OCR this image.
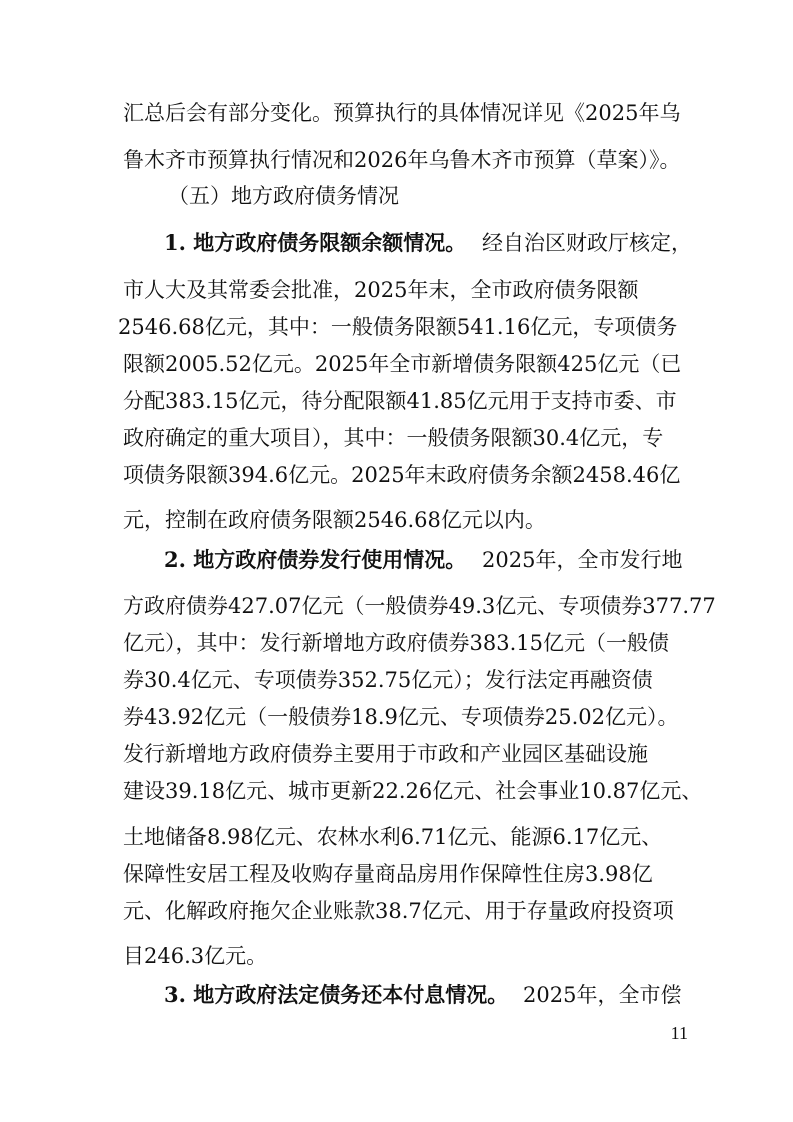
汇总后会有部分变化。预算执行的具体情况详见《2025年乌
鲁木齐市预算执行情况和2026年乌鲁木齐市预算（草案）》。
（五）地方政府债务情况
1. 地方政府债务限额余额情况。 经自治区财政厅核定，
市人大及其常委会批准，2025年末，全市政府债务限额
2546.68亿元，其中：一般债务限额541.16亿元，专项债务
限额2005.52亿元。2025年全市新增债务限额425亿元（已
分配383.15亿元，待分配限额41.85亿元用于支持市委、市
政府确定的重大项目），其中：一般债务限额30.4亿元，专
项债务限额394.6亿元。2025年末政府债务余额2458.46亿
元，控制在政府债务限额2546.68亿元以内。
2. 地方政府债券发行使用情况。 2025年，全市发行地
方政府债券427.07亿元（一般债券49.3亿元、专项债券377.77
亿元），其中：发行新增地方政府债券383.15亿元（一般债
券30.4亿元、专项债券352.75亿元）；发行法定再融资债
券43.92亿元（一般债券18.9亿元、专项债券25.02亿元）。
发行新增地方政府债券主要用于市政和产业园区基础设施
建设39.18亿元、城市更新22.26亿元、社会事业10.87亿元、
土地储备8.98亿元、农林水利6.71亿元、能源6.17亿元、
保障性安居工程及收购存量商品房用作保障性住房3.98亿
元、化解政府拖欠企业账款38.7亿元、用于存量政府投资项
目246.3亿元。
3. 地方政府法定债务还本付息情况。 2025年，全市偿
11
